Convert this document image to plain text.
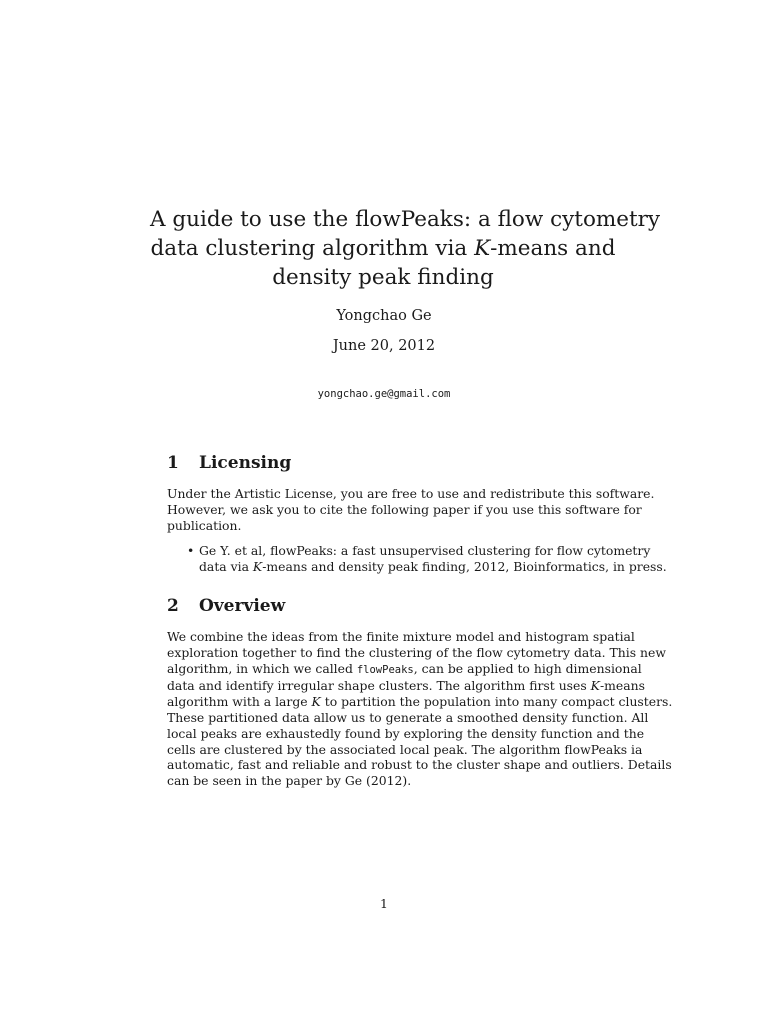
A guide to use the flowPeaks: a flow cytometry
data clustering algorithm via K-means and
density peak finding
Yongchao Ge
June 20, 2012
yongchao.ge@gmail.com
1 Licensing

Under the Artistic License, you are free to use and redistribute this software.
However, we ask you to cite the following paper if you use this software for
publication.

• Ge Y. et al, flowPeaks: a fast unsupervised clustering for flow cytometry
data via K-means and density peak finding, 2012, Bioinformatics, in press.
2 Overview

We combine the ideas from the finite mixture model and histogram spatial
exploration together to find the clustering of the flow cytometry data. This new
algorithm, in which we called flowPeaks, can be applied to high dimensional
data and identify irregular shape clusters. The algorithm first uses K-means
algorithm with a large K to partition the population into many compact clusters.
These partitioned data allow us to generate a smoothed density function. All
local peaks are exhaustedly found by exploring the density function and the
cells are clustered by the associated local peak. The algorithm flowPeaks ia
automatic, fast and reliable and robust to the cluster shape and outliers. Details
can be seen in the paper by Ge (2012).

1
